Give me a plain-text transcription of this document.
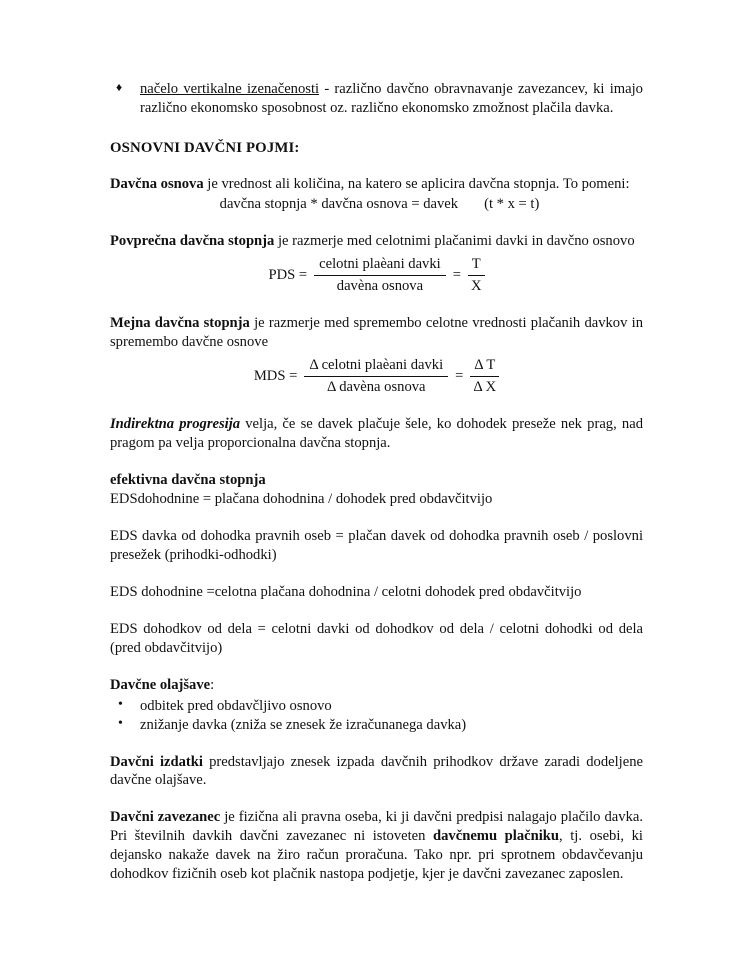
♦ načelo vertikalne izenačenosti - različno davčno obravnavanje zavezancev, ki imajo različno ekonomsko sposobnost oz. različno ekonomsko zmožnost plačila davka.
OSNOVNI DAVČNI POJMI:
Davčna osnova je vrednost ali količina, na katero se aplicira davčna stopnja. To pomeni:
davčna stopnja * davčna osnova = davek (t * x = t)

Povprečna davčna stopnja je razmerje med celotnimi plačanimi davki in davčno osnovo

PDS = $\frac{\text{celotni plaèani davki}}{\text{davèna osnova}} = \frac{T}{X}$

Mejna davčna stopnja je razmerje med spremembo celotne vrednosti plačanih davkov in spremembo davčne osnove

MDS = $\frac{\text{Δ celotni plaèani davki}}{\text{Δ davèna osnova}} = \frac{\text{Δ T}}{\text{Δ X}}$

Indirektna progresija velja, če se davek plačuje šele, ko dohodek preseže nek prag, nad pragom pa velja proporcionalna davčna stopnja.

efektivna davčna stopnja

EDSdohodnine = plačana dohodnina / dohodek pred obdavčitvijo

EDS davka od dohodka pravnih oseb = plačan davek od dohodka pravnih oseb / poslovni presežek (prihodki-odhodki)

EDS dohodnine =celotna plačana dohodnina / celotni dohodek pred obdavčitvijo

EDS dohodkov od dela = celotni davki od dohodkov od dela / celotni dohodki od dela (pred obdavčitvijo)

Davčne olajšave:

• odbitek pred obdavčljivo osnovo
• znižanje davka (zniža se znesek že izračunanega davka)

Davčni izdatki predstavljajo znesek izpada davčnih prihodkov države zaradi dodeljene davčne olajšave.

Davčni zavezanec je fizična ali pravna oseba, ki ji davčni predpisi nalagajo plačilo davka. Pri številnih davkih davčni zavezanec ni istoveten davčnemu plačniku, tj. osebi, ki dejansko nakaže davek na žiro račun proračuna. Tako npr. pri sprotnem obdavčevanju dohodkov fizičnih oseb kot plačnik nastopa podjetje, kjer je davčni zavezanec zaposlen.
